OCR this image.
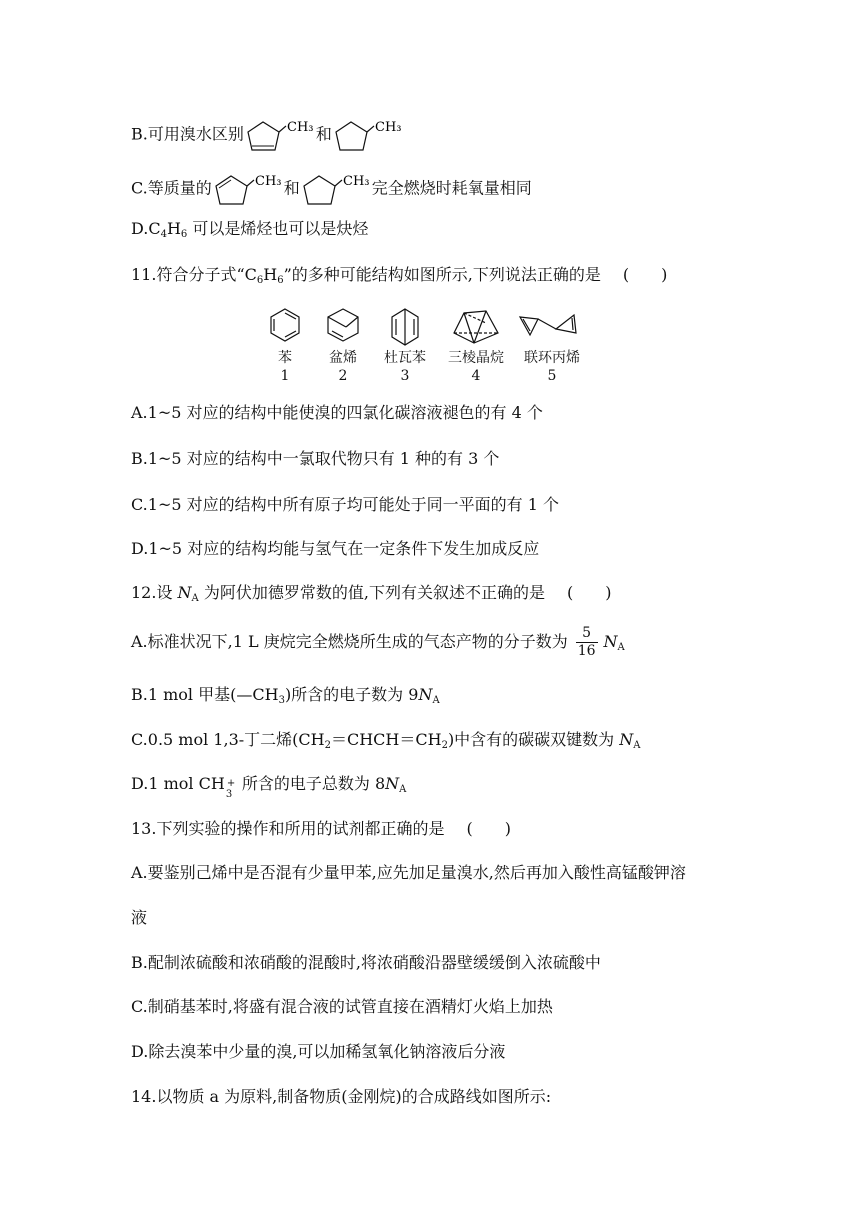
B.可用溴水区别	CH₃ 和	CH₃
C.等质量的	CH₃ 和	CH₃ 完全燃烧时耗氧量相同
$D.C_4H_6$ 可以是烯烃也可以是炔烃
11.符合分子式“$C_6H_6$”的多种可能结构如图所示,下列说法正确的是 (　　)
苯
1
盆烯
2
杜瓦苯
3
三棱晶烷
4
联环丙烯
5
A.1~5 对应的结构中能使溴的四氯化碳溶液褪色的有 4 个
B.1~5 对应的结构中一氯取代物只有 1 种的有 3 个
C.1~5 对应的结构中所有原子均可能处于同一平面的有 1 个
D.1~5 对应的结构均能与氢气在一定条件下发生加成反应
12.设 $N_A$ 为阿伏加德罗常数的值,下列有关叙述不正确的是 (　　)
A.标准状况下,1 L 庚烷完全燃烧所生成的气态产物的分子数为 $\frac{5}{16} N_A$
B.1 mol 甲基$(—CH_3)$所含的电子数为 $9N_A$
C.0.5 mol 1,3-丁二烯$(CH_2=CHCH=CH_2)$中含有的碳碳双键数为 $N_A$
D.1 mol CH +
3
所含的电子总数为 $8N_A$
13.下列实验的操作和所用的试剂都正确的是 (　　)
A.要鉴别己烯中是否混有少量甲苯,应先加足量溴水,然后再加入酸性高锰酸钾溶
液
B.配制浓硫酸和浓硝酸的混酸时,将浓硝酸沿器壁缓缓倒入浓硫酸中
C.制硝基苯时,将盛有混合液的试管直接在酒精灯火焰上加热
D.除去溴苯中少量的溴,可以加稀氢氧化钠溶液后分液
14.以物质 a 为原料,制备物质(金刚烷)的合成路线如图所示:
